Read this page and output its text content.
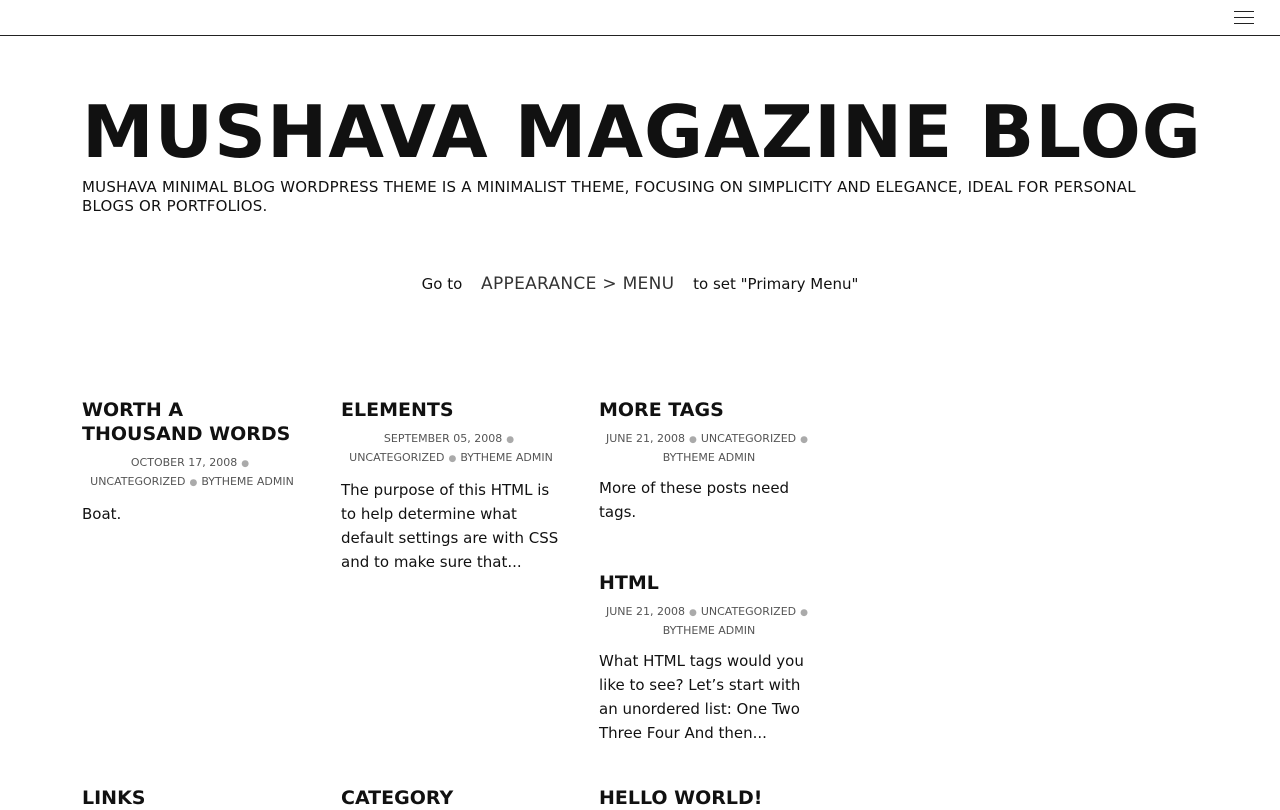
MUSHAVA MAGAZINE BLOG

MUSHAVA MINIMAL BLOG WORDPRESS THEME IS A MINIMALIST THEME, FOCUSING ON SIMPLICITY AND ELEGANCE, IDEAL FOR PERSONAL BLOGS OR PORTFOLIOS.

Go to APPEARANCE > MENU to set "Primary Menu"
WORTH A THOUSAND WORDS
OCTOBER 17, 2008 ●
UNCATEGORIZED ● BYTHEME ADMIN
Boat.
ELEMENTS
SEPTEMBER 05, 2008 ●
UNCATEGORIZED ● BYTHEME ADMIN
The purpose of this HTML is to help determine what default settings are with CSS and to make sure that...
MORE TAGS
JUNE 21, 2008 ● UNCATEGORIZED ●
BYTHEME ADMIN
More of these posts need tags.
HTML
JUNE 21, 2008 ● UNCATEGORIZED ●
BYTHEME ADMIN
What HTML tags would you like to see? Let’s start with an unordered list: One Two Three Four And then...
LINKS	CATEGORY	HELLO WORLD!
